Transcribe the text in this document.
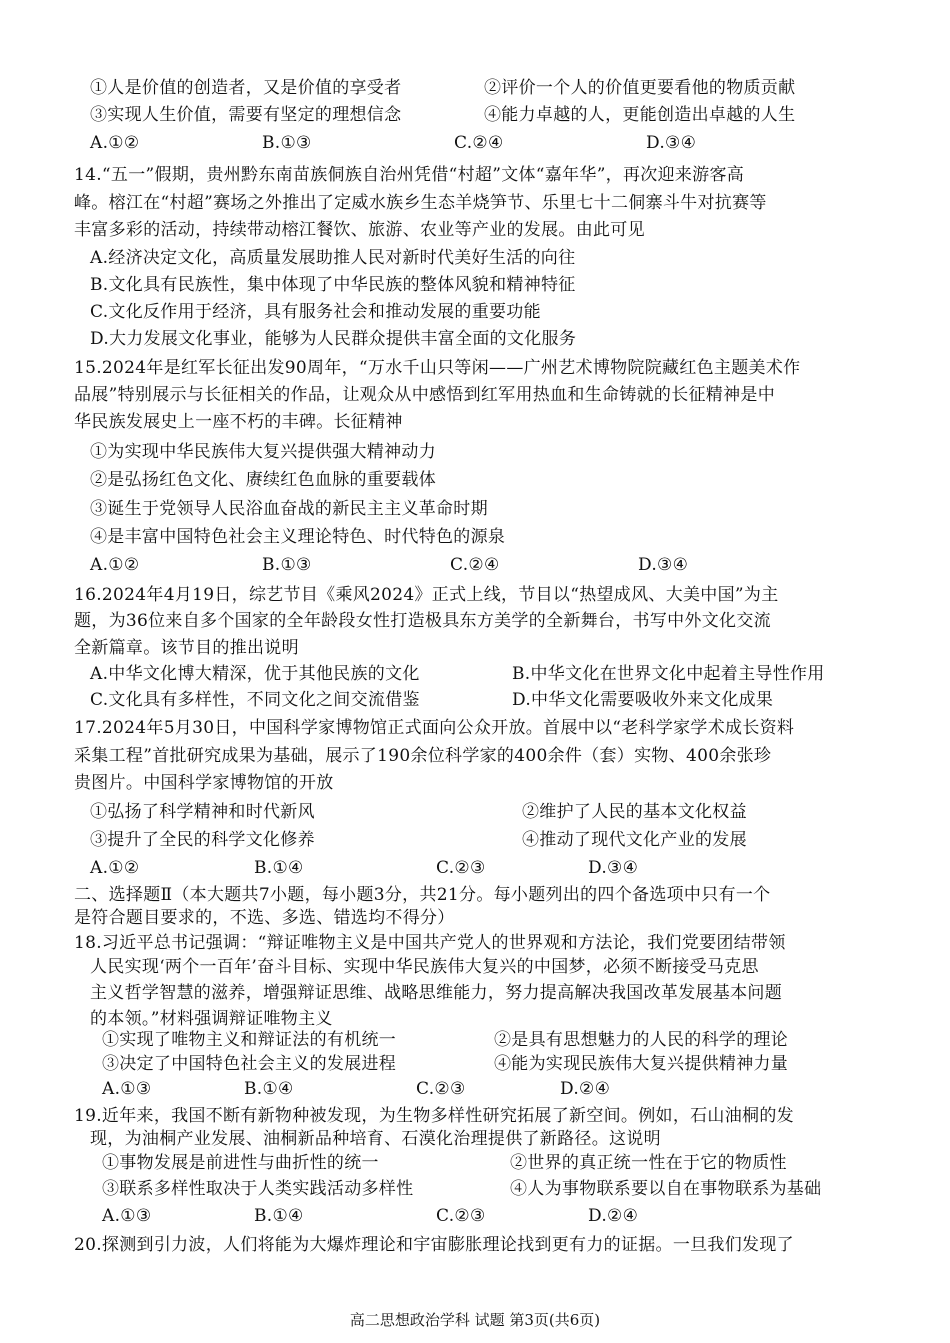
①人是价值的创造者，又是价值的享受者	②评价一个人的价值更要看他的物质贡献
③实现人生价值，需要有坚定的理想信念	④能力卓越的人，更能创造出卓越的人生
A.①②	B.①③	C.②④	D.③④
14.“五一”假期，贵州黔东南苗族侗族自治州凭借“村超”文体“嘉年华”，再次迎来游客高
峰。榕江在“村超”赛场之外推出了定威水族乡生态羊烧笋节、乐里七十二侗寨斗牛对抗赛等
丰富多彩的活动，持续带动榕江餐饮、旅游、农业等产业的发展。由此可见
A.经济决定文化，高质量发展助推人民对新时代美好生活的向往
B.文化具有民族性，集中体现了中华民族的整体风貌和精神特征
C.文化反作用于经济，具有服务社会和推动发展的重要功能
D.大力发展文化事业，能够为人民群众提供丰富全面的文化服务
15.2024年是红军长征出发90周年，“万水千山只等闲——广州艺术博物院院藏红色主题美术作
品展”特别展示与长征相关的作品，让观众从中感悟到红军用热血和生命铸就的长征精神是中
华民族发展史上一座不朽的丰碑。长征精神
①为实现中华民族伟大复兴提供强大精神动力
②是弘扬红色文化、赓续红色血脉的重要载体
③诞生于党领导人民浴血奋战的新民主主义革命时期
④是丰富中国特色社会主义理论特色、时代特色的源泉
A.①②	B.①③	C.②④	D.③④
16.2024年4月19日，综艺节目《乘风2024》正式上线，节目以“热望成风、大美中国”为主
题，为36位来自多个国家的全年龄段女性打造极具东方美学的全新舞台，书写中外文化交流
全新篇章。该节目的推出说明
A.中华文化博大精深，优于其他民族的文化	B.中华文化在世界文化中起着主导性作用
C.文化具有多样性，不同文化之间交流借鉴	D.中华文化需要吸收外来文化成果
17.2024年5月30日，中国科学家博物馆正式面向公众开放。首展中以“老科学家学术成长资料
采集工程”首批研究成果为基础，展示了190余位科学家的400余件（套）实物、400余张珍
贵图片。中国科学家博物馆的开放
①弘扬了科学精神和时代新风	②维护了人民的基本文化权益
③提升了全民的科学文化修养	④推动了现代文化产业的发展
A.①②	B.①④	C.②③	D.③④
二、选择题Ⅱ（本大题共7小题，每小题3分，共21分。每小题列出的四个备选项中只有一个
是符合题目要求的，不选、多选、错选均不得分）
18.习近平总书记强调：“辩证唯物主义是中国共产党人的世界观和方法论，我们党要团结带领
人民实现‘两个一百年’奋斗目标、实现中华民族伟大复兴的中国梦，必须不断接受马克思
主义哲学智慧的滋养，增强辩证思维、战略思维能力，努力提高解决我国改革发展基本问题
的本领。”材料强调辩证唯物主义
①实现了唯物主义和辩证法的有机统一	②是具有思想魅力的人民的科学的理论
③决定了中国特色社会主义的发展进程	④能为实现民族伟大复兴提供精神力量
A.①③	B.①④	C.②③	D.②④
19.近年来，我国不断有新物种被发现，为生物多样性研究拓展了新空间。例如，石山油桐的发
现，为油桐产业发展、油桐新品种培育、石漠化治理提供了新路径。这说明
①事物发展是前进性与曲折性的统一	②世界的真正统一性在于它的物质性
③联系多样性取决于人类实践活动多样性	④人为事物联系要以自在事物联系为基础
A.①③	B.①④	C.②③	D.②④
20.探测到引力波，人们将能为大爆炸理论和宇宙膨胀理论找到更有力的证据。一旦我们发现了
高二思想政治学科 试题 第3页(共6页)
